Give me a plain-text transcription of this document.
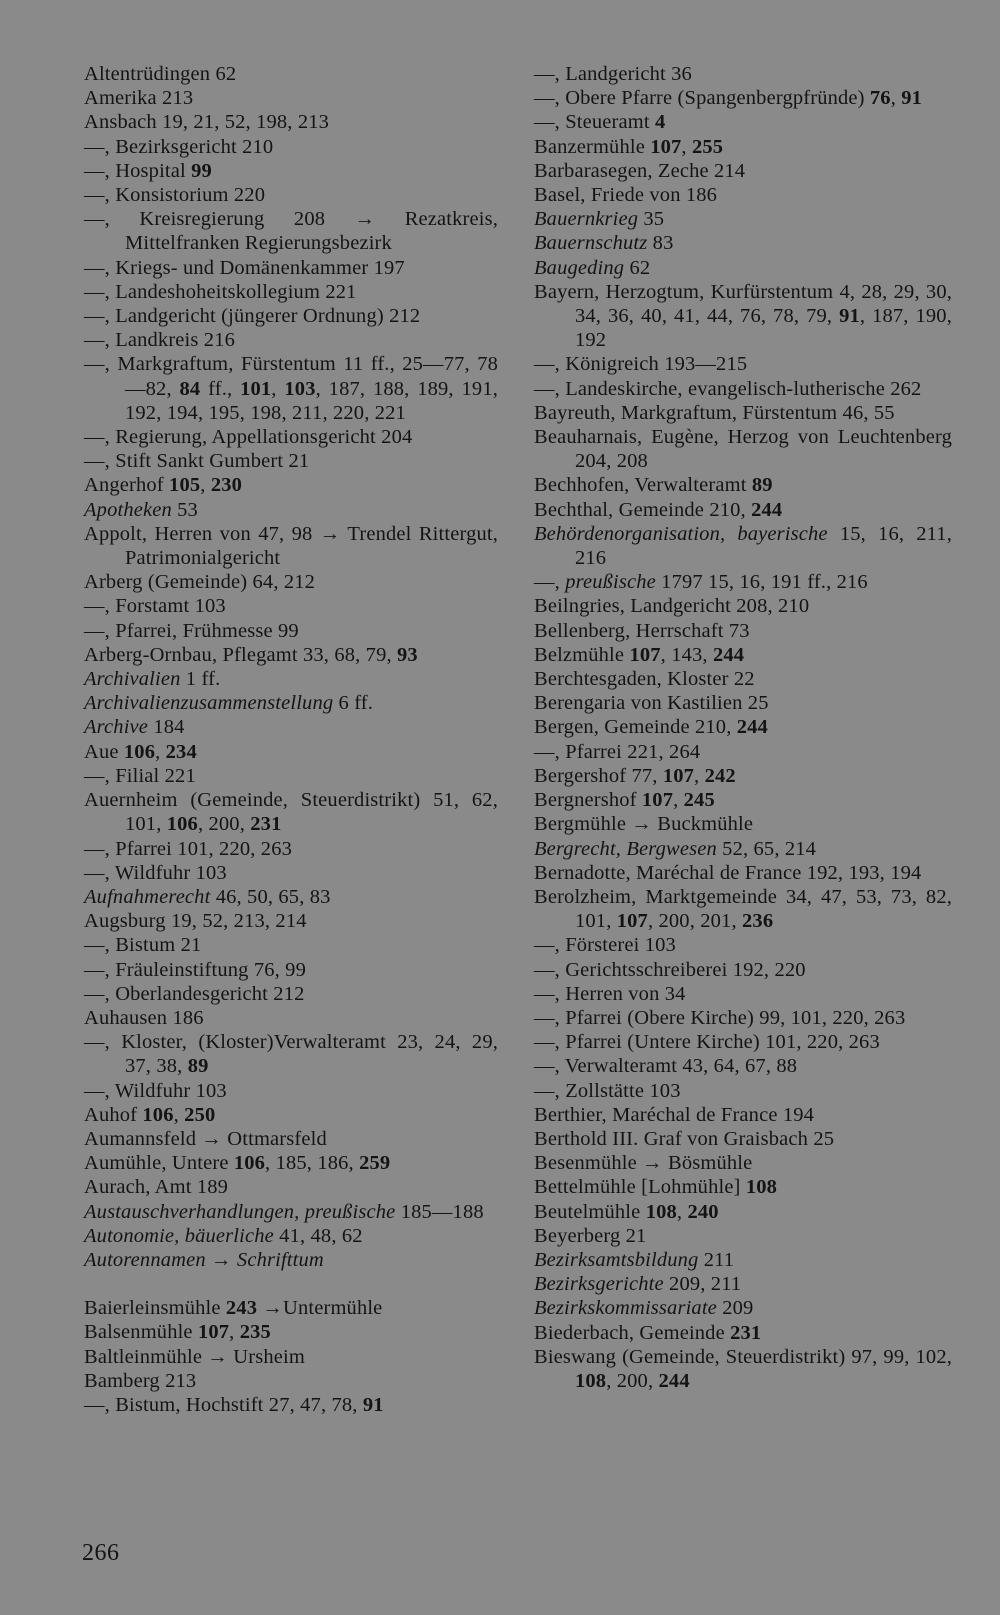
Altentrüdingen 62

Amerika 213

Ansbach 19, 21, 52, 198, 213

—, Bezirksgericht 210

—, Hospital 99

—, Konsistorium 220

—, Kreisregierung 208 → Rezatkreis, Mittelfranken Regierungsbezirk

—, Kriegs- und Domänenkammer 197

—, Landeshoheitskollegium 221

—, Landgericht (jüngerer Ordnung) 212

—, Landkreis 216

—, Markgraftum, Fürstentum 11 ff., 25—77, 78—82, 84 ff., 101, 103, 187, 188, 189, 191, 192, 194, 195, 198, 211, 220, 221

—, Regierung, Appellationsgericht 204

—, Stift Sankt Gumbert 21

Angerhof 105, 230

Apotheken 53

Appolt, Herren von 47, 98 → Trendel Rittergut, Patrimonialgericht

Arberg (Gemeinde) 64, 212

—, Forstamt 103

—, Pfarrei, Frühmesse 99

Arberg-Ornbau, Pflegamt 33, 68, 79, 93

Archivalien 1 ff.

Archivalienzusammenstellung 6 ff.

Archive 184

Aue 106, 234

—, Filial 221

Auernheim (Gemeinde, Steuerdistrikt) 51, 62, 101, 106, 200, 231

—, Pfarrei 101, 220, 263

—, Wildfuhr 103

Aufnahmerecht 46, 50, 65, 83

Augsburg 19, 52, 213, 214

—, Bistum 21

—, Fräuleinstiftung 76, 99

—, Oberlandesgericht 212

Auhausen 186

—, Kloster, (Kloster)Verwalteramt 23, 24, 29, 37, 38, 89

—, Wildfuhr 103

Auhof 106, 250

Aumannsfeld → Ottmarsfeld

Aumühle, Untere 106, 185, 186, 259

Aurach, Amt 189

Austauschverhandlungen, preußische 185—188

Autonomie, bäuerliche 41, 48, 62

Autorennamen → Schrifttum

Baierleinsmühle 243 →Untermühle

Balsenmühle 107, 235

Baltleinmühle → Ursheim

Bamberg 213

—, Bistum, Hochstift 27, 47, 78, 91

—, Landgericht 36

—, Obere Pfarre (Spangenbergpfründe) 76, 91

—, Steueramt 4

Banzermühle 107, 255

Barbarasegen, Zeche 214

Basel, Friede von 186

Bauernkrieg 35

Bauernschutz 83

Baugeding 62

Bayern, Herzogtum, Kurfürstentum 4, 28, 29, 30, 34, 36, 40, 41, 44, 76, 78, 79, 91, 187, 190, 192

—, Königreich 193—215

—, Landeskirche, evangelisch-lutherische 262

Bayreuth, Markgraftum, Fürstentum 46, 55

Beauharnais, Eugène, Herzog von Leuchtenberg 204, 208

Bechhofen, Verwalteramt 89

Bechthal, Gemeinde 210, 244

Behördenorganisation, bayerische 15, 16, 211, 216

—, preußische 1797 15, 16, 191 ff., 216

Beilngries, Landgericht 208, 210

Bellenberg, Herrschaft 73

Belzmühle 107, 143, 244

Berchtesgaden, Kloster 22

Berengaria von Kastilien 25

Bergen, Gemeinde 210, 244

—, Pfarrei 221, 264

Bergershof 77, 107, 242

Bergnershof 107, 245

Bergmühle → Buckmühle

Bergrecht, Bergwesen 52, 65, 214

Bernadotte, Maréchal de France 192, 193, 194

Berolzheim, Marktgemeinde 34, 47, 53, 73, 82, 101, 107, 200, 201, 236

—, Försterei 103

—, Gerichtsschreiberei 192, 220

—, Herren von 34

—, Pfarrei (Obere Kirche) 99, 101, 220, 263

—, Pfarrei (Untere Kirche) 101, 220, 263

—, Verwalteramt 43, 64, 67, 88

—, Zollstätte 103

Berthier, Maréchal de France 194

Berthold III. Graf von Graisbach 25

Besenmühle → Bösmühle

Bettelmühle [Lohmühle] 108

Beutelmühle 108, 240

Beyerberg 21

Bezirksamtsbildung 211

Bezirksgerichte 209, 211

Bezirkskommissariate 209

Biederbach, Gemeinde 231

Bieswang (Gemeinde, Steuerdistrikt) 97, 99, 102, 108, 200, 244

266
